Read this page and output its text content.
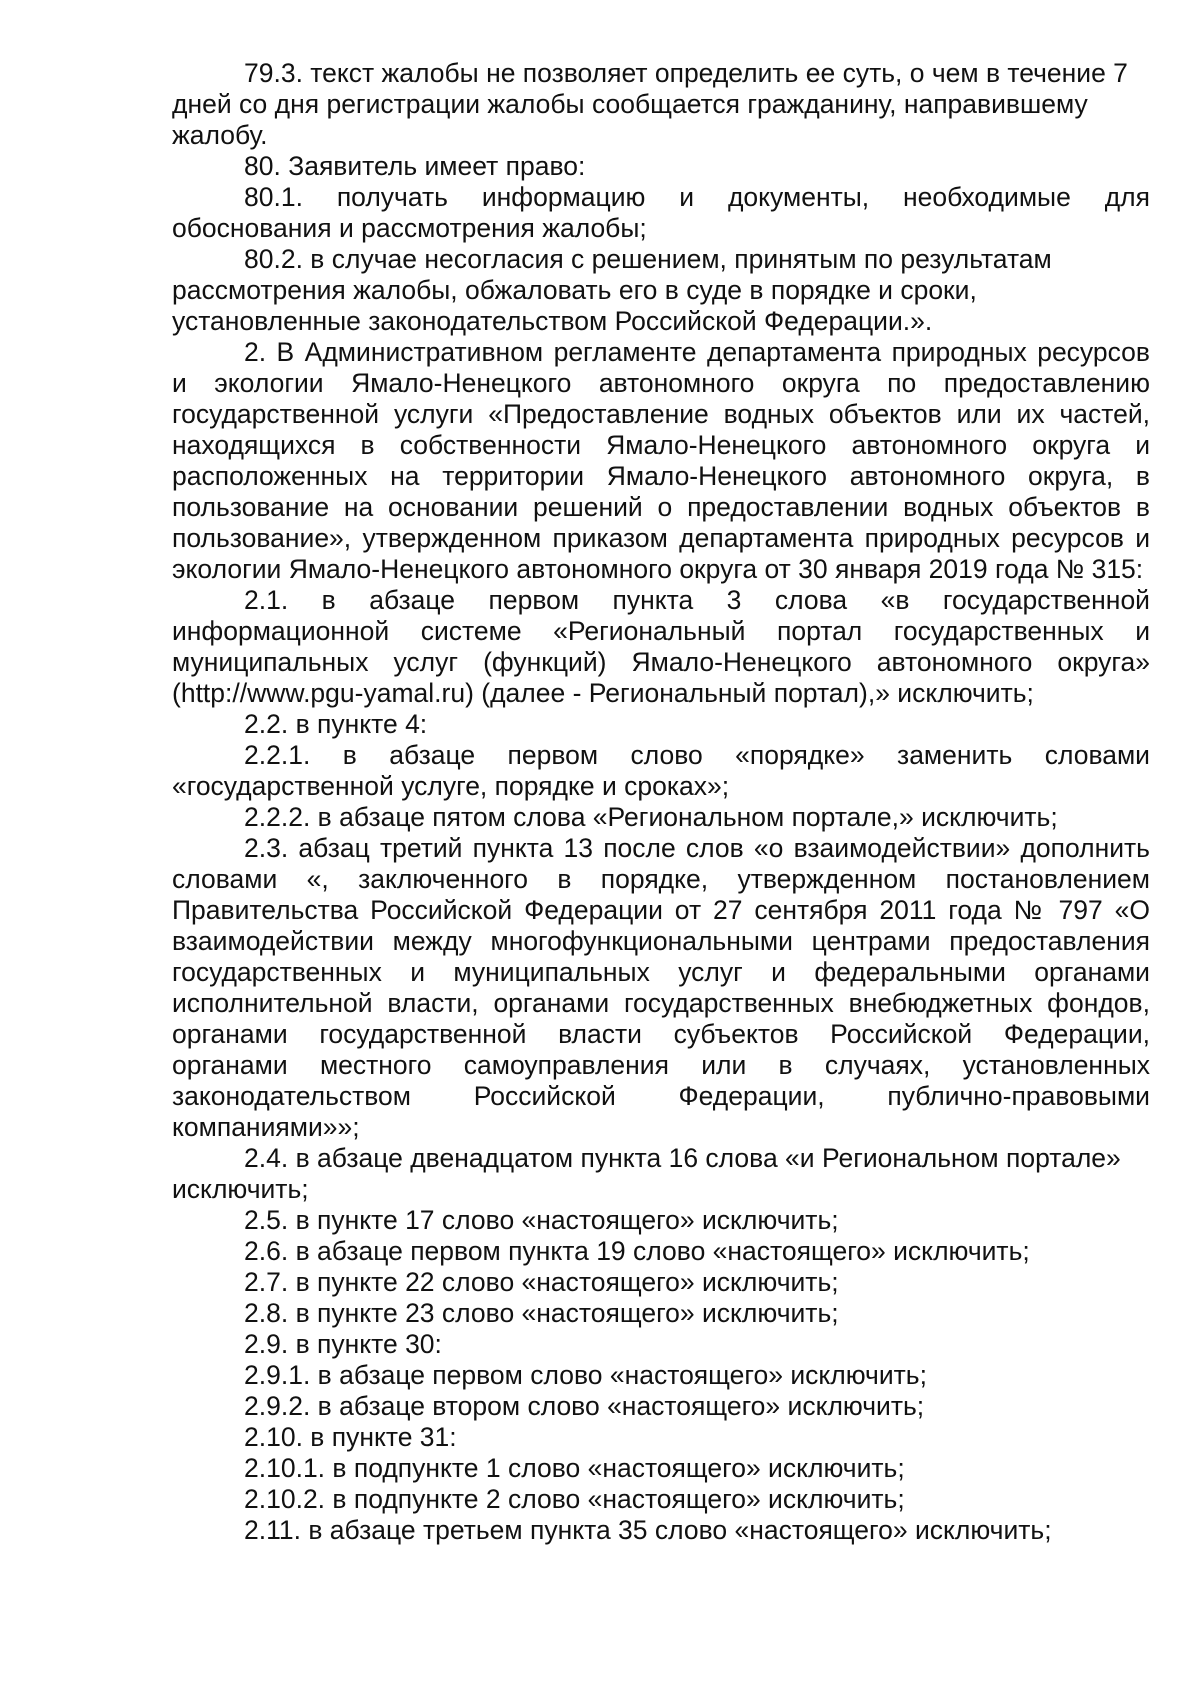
79.3. текст жалобы не позволяет определить ее суть, о чем в течение 7 дней со дня регистрации жалобы сообщается гражданину, направившему жалобу.

80. Заявитель имеет право:

80.1. получать информацию и документы, необходимые для обоснования и рассмотрения жалобы;

80.2. в случае несогласия с решением, принятым по результатам рассмотрения жалобы, обжаловать его в суде в порядке и сроки, установленные законодательством Российской Федерации.».

2. В Административном регламенте департамента природных ресурсов и экологии Ямало-Ненецкого автономного округа по предоставлению государственной услуги «Предоставление водных объектов или их частей, находящихся в собственности Ямало-Ненецкого автономного округа и расположенных на территории Ямало-Ненецкого автономного округа, в пользование на основании решений о предоставлении водных объектов в пользование», утвержденном приказом департамента природных ресурсов и экологии Ямало-Ненецкого автономного округа от 30 января 2019 года № 315:

2.1. в абзаце первом пункта 3 слова «в государственной информационной системе «Региональный портал государственных и муниципальных услуг (функций) Ямало-Ненецкого автономного округа» (http://www.pgu-yamal.ru) (далее - Региональный портал),» исключить;

2.2. в пункте 4:

2.2.1. в абзаце первом слово «порядке» заменить словами «государственной услуге, порядке и сроках»;

2.2.2. в абзаце пятом слова «Региональном портале,» исключить;

2.3. абзац третий пункта 13 после слов «о взаимодействии» дополнить словами «, заключенного в порядке, утвержденном постановлением Правительства Российской Федерации от 27 сентября 2011 года № 797 «О взаимодействии между многофункциональными центрами предоставления государственных и муниципальных услуг и федеральными органами исполнительной власти, органами государственных внебюджетных фондов, органами государственной власти субъектов Российской Федерации, органами местного самоуправления или в случаях, установленных законодательством Российской Федерации, публично-правовыми компаниями»»;

2.4. в абзаце двенадцатом пункта 16 слова «и Региональном портале» исключить;

2.5. в пункте 17 слово «настоящего» исключить;

2.6. в абзаце первом пункта 19 слово «настоящего» исключить;

2.7. в пункте 22 слово «настоящего» исключить;

2.8. в пункте 23 слово «настоящего» исключить;

2.9. в пункте 30:

2.9.1. в абзаце первом слово «настоящего» исключить;

2.9.2. в абзаце втором слово «настоящего» исключить;

2.10. в пункте 31:

2.10.1. в подпункте 1 слово «настоящего» исключить;

2.10.2. в подпункте 2 слово «настоящего» исключить;

2.11. в абзаце третьем пункта 35 слово «настоящего» исключить;
